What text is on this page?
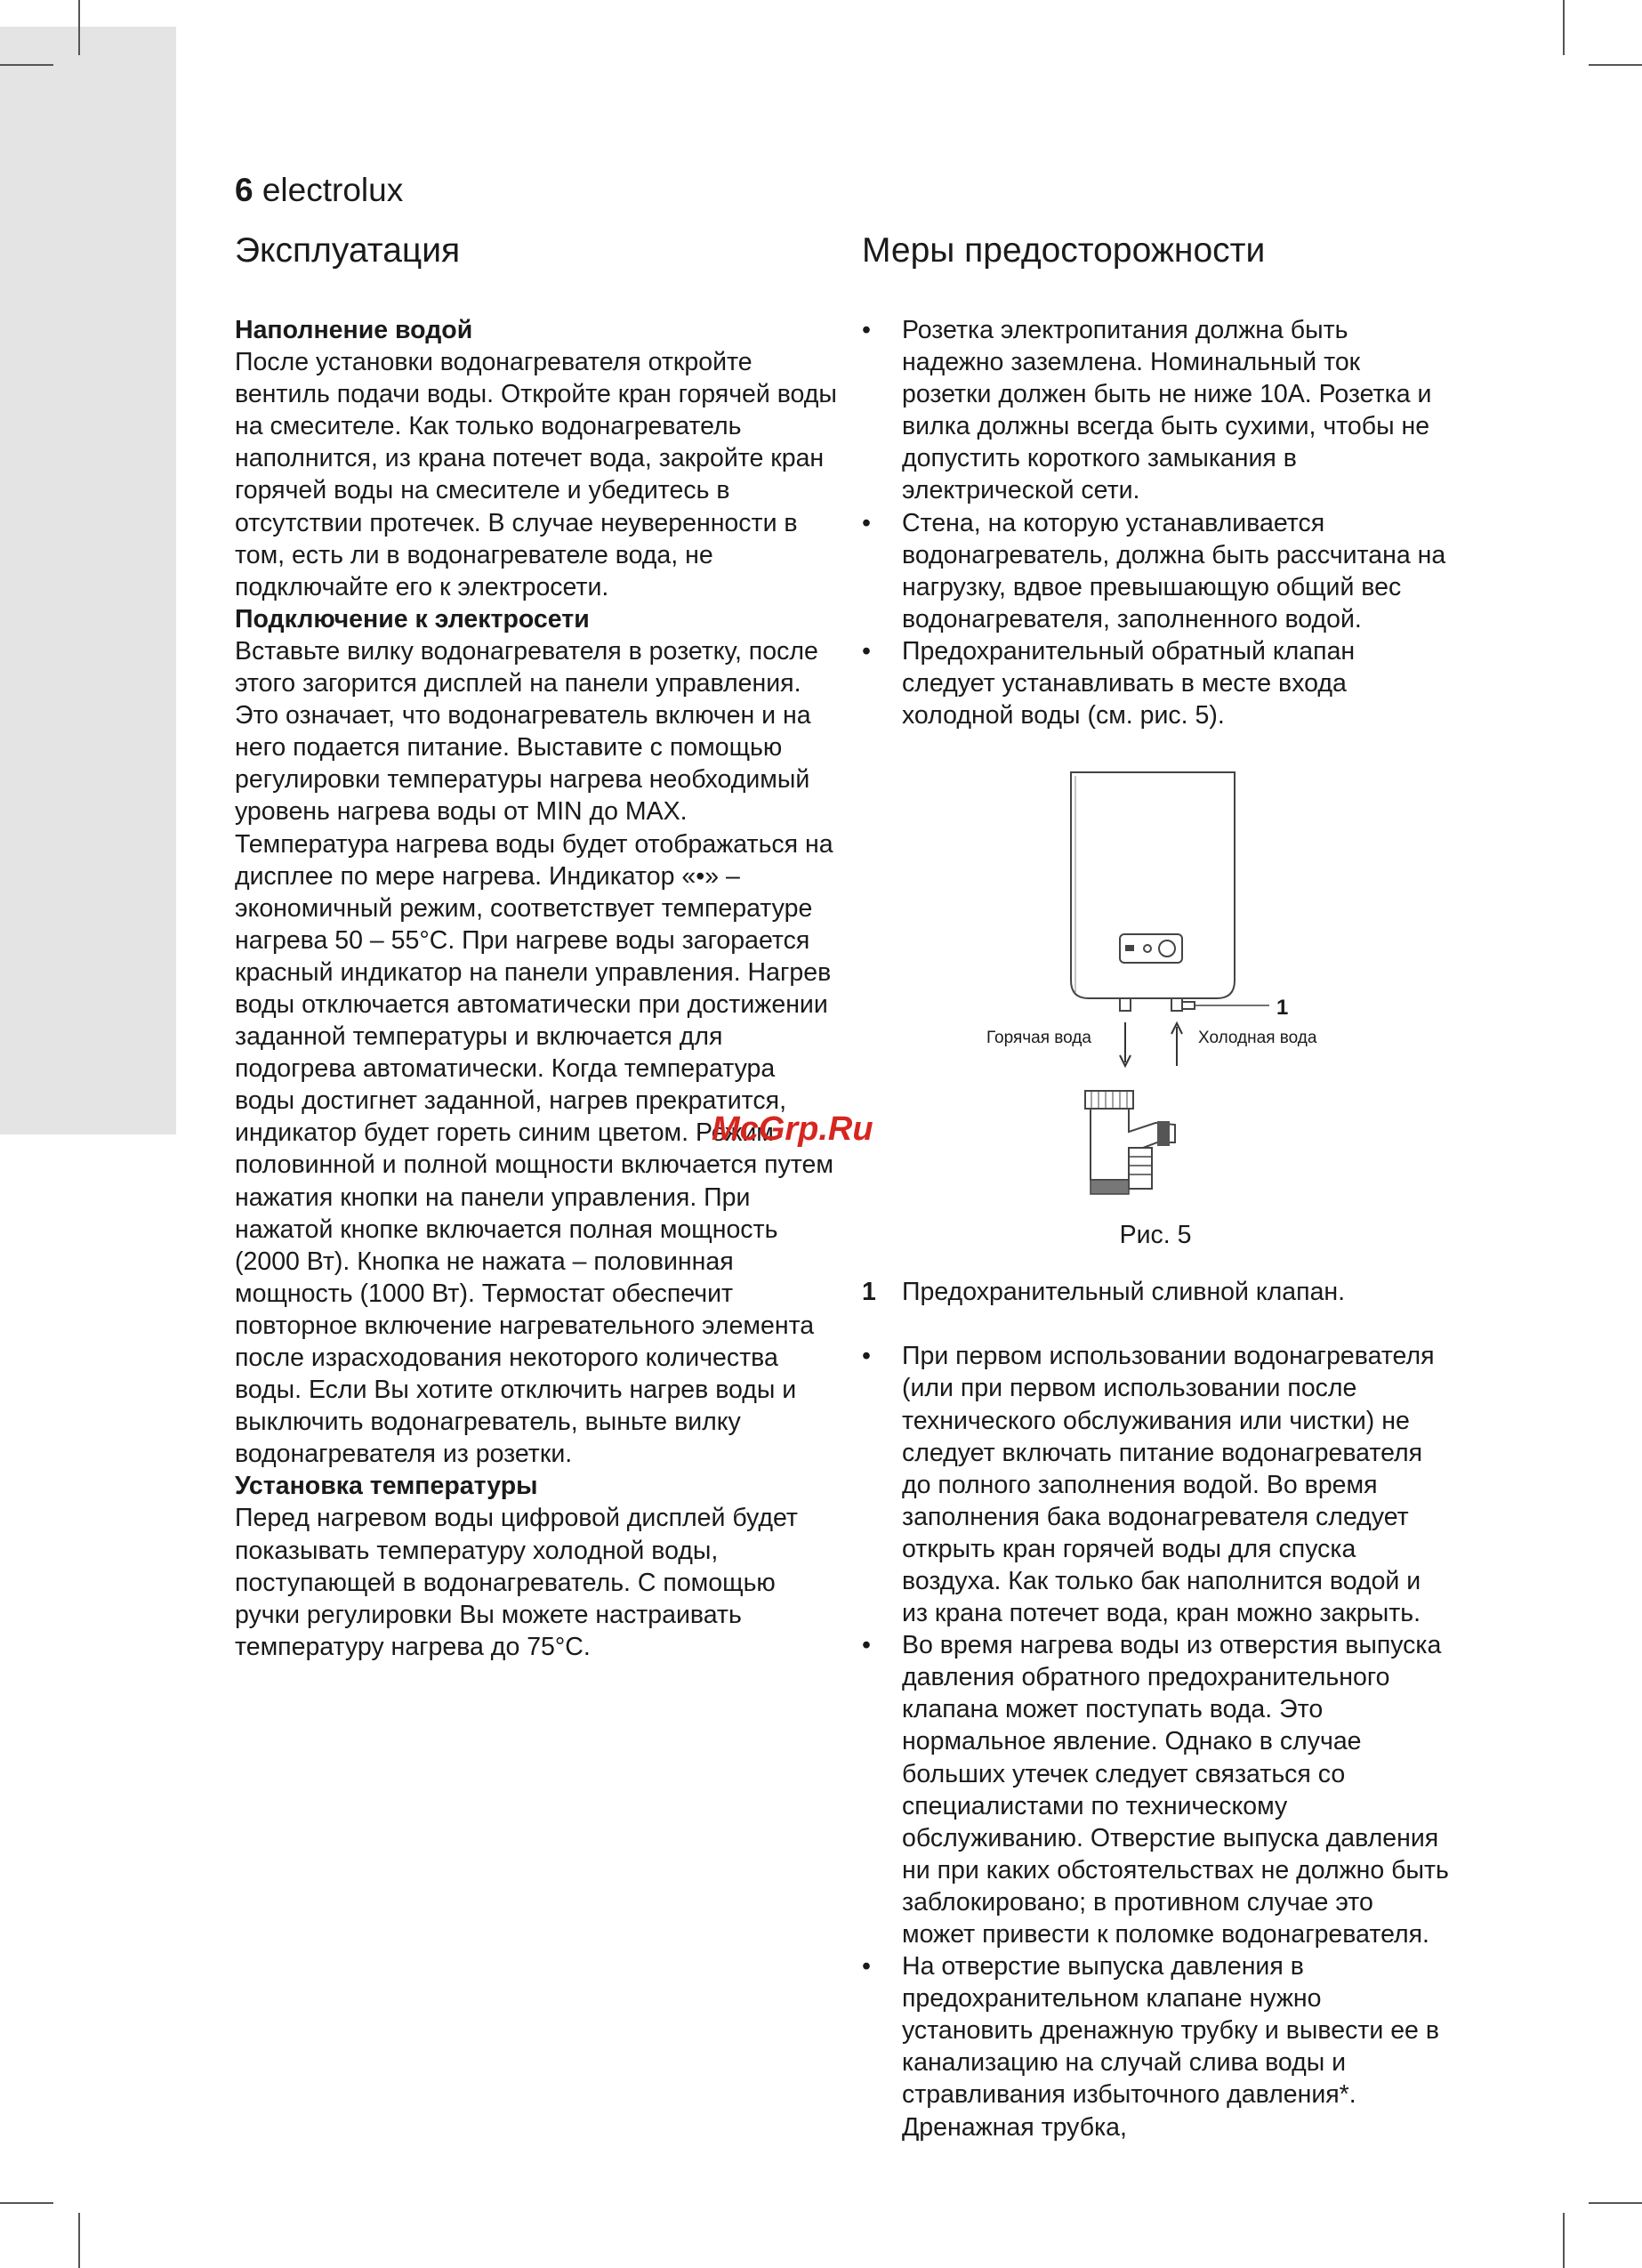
6 electrolux
Эксплуатация	Меры предосторожности

Наполнение водой

После установки водонагревателя откройте вентиль подачи воды. Откройте кран горячей воды на смесителе. Как только водонагреватель наполнится, из крана потечет вода, закройте кран горячей воды на смесителе и убедитесь в отсутствии протечек. В случае неуверенности в том, есть ли в водонагревателе вода, не подключайте его к электросети.

Подключение к электросети

Вставьте вилку водонагревателя в розетку, после этого загорится дисплей на панели управления. Это означает, что водонагреватель включен и на него подается питание. Выставите с помощью регулировки температуры нагрева необходимый уровень нагрева воды от MIN до MAX. Температура нагрева воды будет отображаться на дисплее по мере нагрева. Индикатор «•» – экономичный режим, соответствует температуре нагрева 50 – 55°C. При нагреве воды загорается красный индикатор на панели управления. Нагрев воды отключается автоматически при достижении заданной температуры и включается для подогрева автоматически. Когда температура воды достигнет заданной, нагрев прекратится, индикатор будет гореть синим цветом. Режим половинной и полной мощности включается путем нажатия кнопки на панели управления. При нажатой кнопке включается полная мощность (2000 Вт). Кнопка не нажата – половинная мощность (1000 Вт). Термостат обеспечит повторное включение нагревательного элемента после израсходования некоторого количества воды. Если Вы хотите отключить нагрев воды и выключить водонагреватель, выньте вилку водонагревателя из розетки.

Установка температуры

Перед нагревом воды цифровой дисплей будет показывать температуру холодной воды, поступающей в водонагреватель. С помощью ручки регулировки Вы можете настраивать температуру нагрева до 75°C.

• Розетка электропитания должна быть надежно заземлена. Номинальный ток розетки должен быть не ниже 10А. Розетка и вилка должны всегда быть сухими, чтобы не допустить короткого замыкания в электрической сети.
• Стена, на которую устанавливается водонагреватель, должна быть рассчитана на нагрузку, вдвое превышающую общий вес водонагревателя, заполненного водой.
• Предохранительный обратный клапан следует устанавливать в месте входа холодной воды (см. рис. 5).
1
Горячая вода	Холодная вода
Рис. 5

1 Предохранительный сливной клапан.

• При первом использовании водонагревателя (или при первом использовании после технического обслуживания или чистки) не следует включать питание водонагревателя до полного заполнения водой. Во время заполнения бака водонагревателя следует открыть кран горячей воды для спуска воздуха. Как только бак наполнится водой и из крана потечет вода, кран можно закрыть.
• Во время нагрева воды из отверстия выпуска давления обратного предохранительного клапана может поступать вода. Это нормальное явление. Однако в случае больших утечек следует связаться со специалистами по техническому обслуживанию. Отверстие выпуска давления ни при каких обстоятельствах не должно быть заблокировано; в противном случае это может привести к поломке водонагревателя.
• На отверстие выпуска давления в предохранительном клапане нужно установить дренажную трубку и вывести ее в канализацию на случай слива воды и стравливания избыточного давления*. Дренажная трубка,
McGrp.Ru
